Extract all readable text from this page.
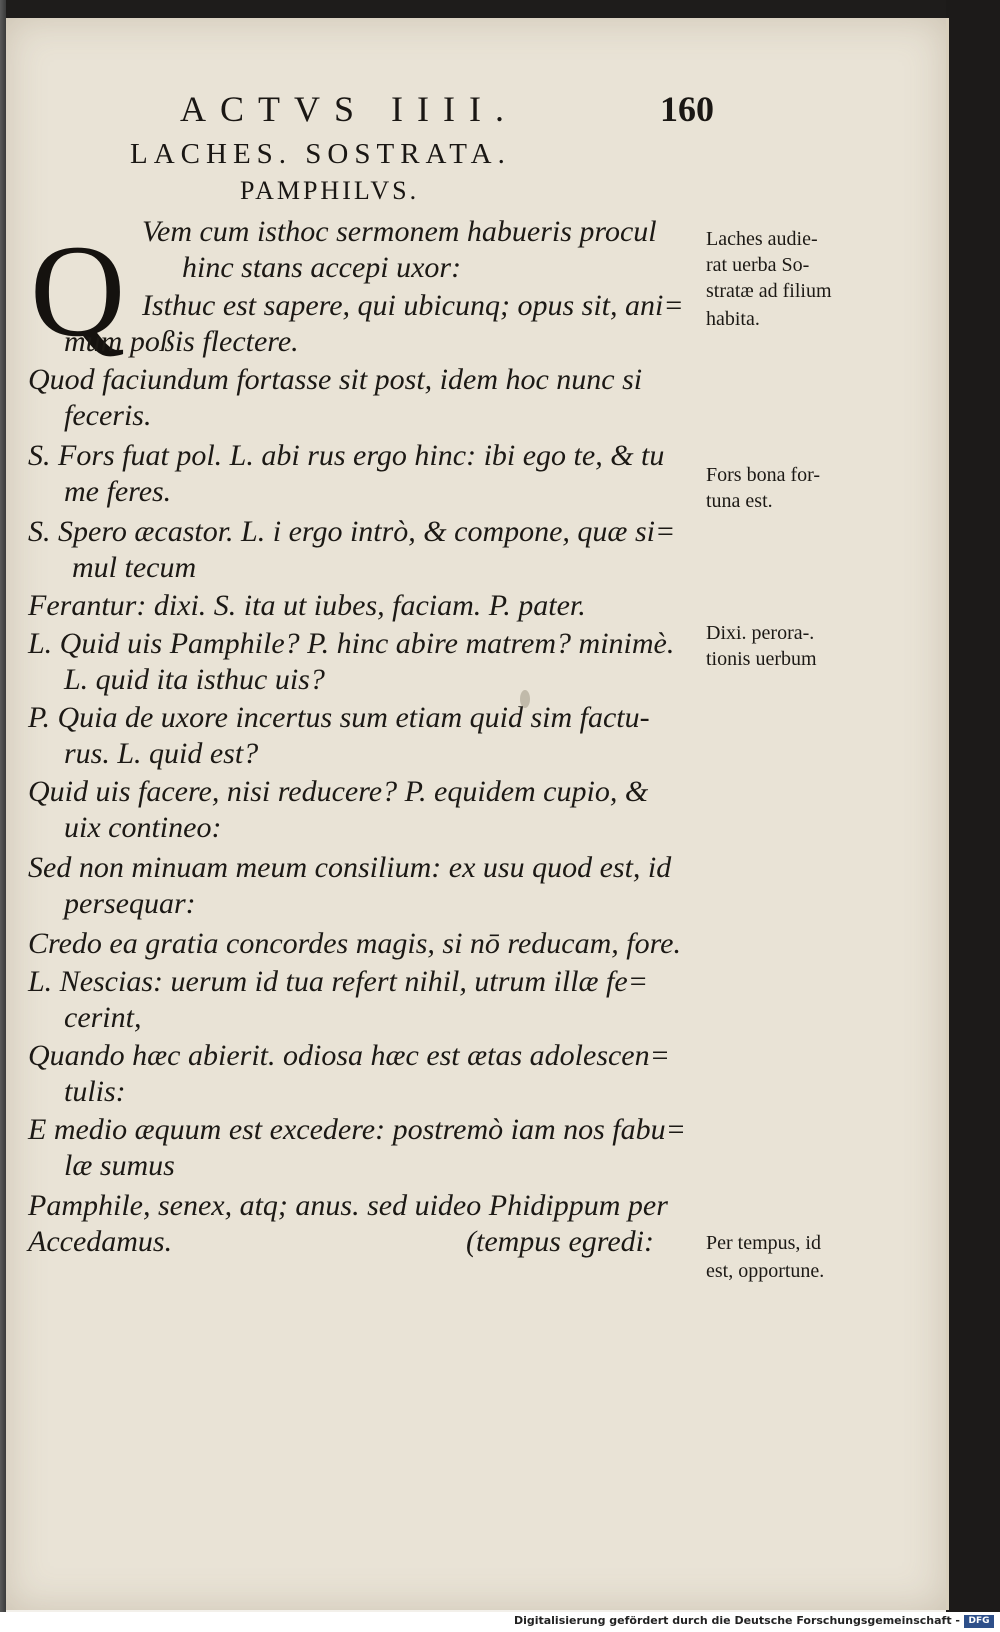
ACTVS IIII.	160
LACHES. SOSTRATA.
PAMPHILVS.
Q Vem cum isthoc sermonem habueris procul
hinc stans accepi uxor:
Isthuc est sapere, qui ubicunq; opus sit, ani=
mum poßis flectere.
Quod faciundum fortasse sit post, idem hoc nunc si
feceris.
S. Fors fuat pol. L. abi rus ergo hinc: ibi ego te, & tu
me feres.
S. Spero æcastor. L. i ergo intrò, & compone, quæ si=
mul tecum
Ferantur: dixi. S. ita ut iubes, faciam. P. pater.
L. Quid uis Pamphile? P. hinc abire matrem? minimè.
L. quid ita isthuc uis?
P. Quia de uxore incertus sum etiam quid sim factu-
rus. L. quid est?
Quid uis facere, nisi reducere? P. equidem cupio, &
uix contineo:
Sed non minuam meum consilium: ex usu quod est, id
persequar:
Credo ea gratia concordes magis, si nō reducam, fore.
L. Nescias: uerum id tua refert nihil, utrum illæ fe=
cerint,
Quando hæc abierit. odiosa hæc est ætas adolescen=
tulis:
E medio æquum est excedere: postremò iam nos fabu=
læ sumus
Pamphile, senex, atq; anus. sed uideo Phidippum per
Accedamus.	(tempus egredi:
Laches audie-
rat uerba So-
stratæ ad filium
habita.
Fors bona for-
tuna est.
Dixi. perora-.
tionis uerbum
Per tempus, id
est, opportune.
Digitalisierung gefördert durch die Deutsche Forschungsgemeinschaft - DFG
